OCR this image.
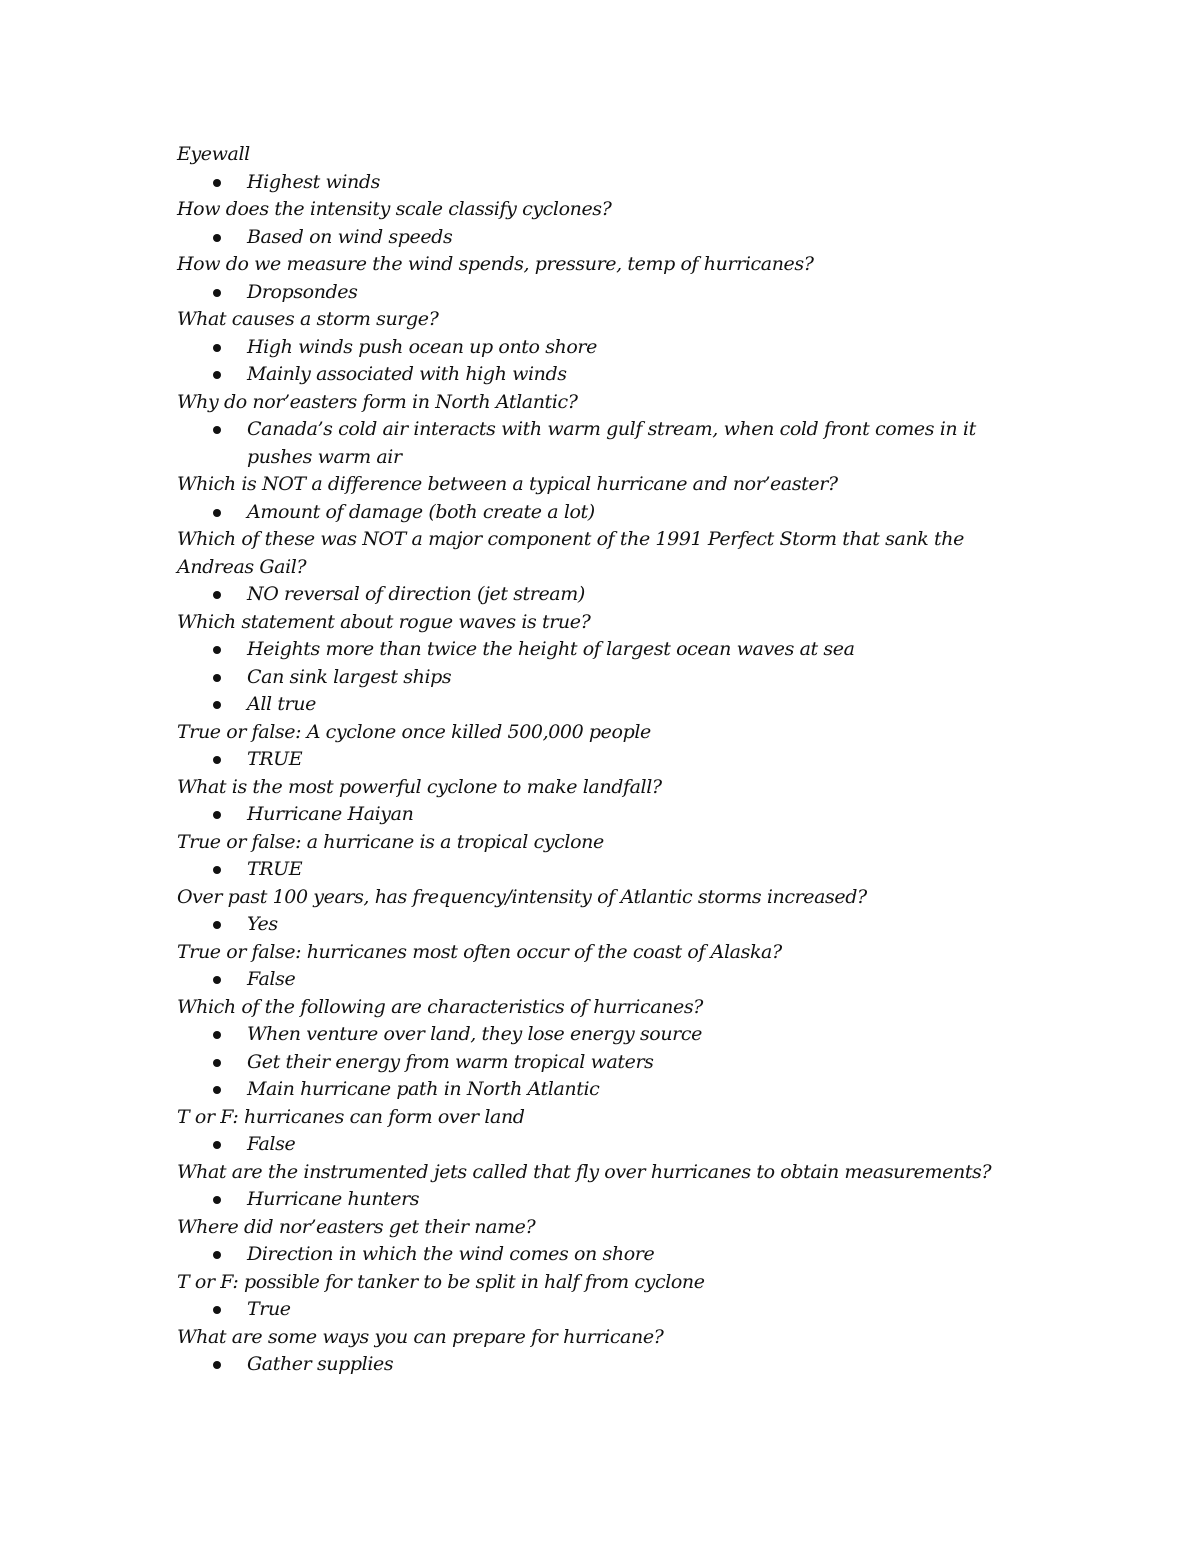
Eyewall

Highest winds

How does the intensity scale classify cyclones?

Based on wind speeds

How do we measure the wind spends, pressure, temp of hurricanes?

Dropsondes

What causes a storm surge?

High winds push ocean up onto shore
Mainly associated with high winds

Why do nor’easters form in North Atlantic?

Canada’s cold air interacts with warm gulf stream, when cold front comes in it pushes warm air

Which is NOT a difference between a typical hurricane and nor’easter?

Amount of damage (both create a lot)

Which of these was NOT a major component of the 1991 Perfect Storm that sank the Andreas Gail?

NO reversal of direction (jet stream)

Which statement about rogue waves is true?

Heights more than twice the height of largest ocean waves at sea
Can sink largest ships
All true

True or false: A cyclone once killed 500,000 people

TRUE

What is the most powerful cyclone to make landfall?

Hurricane Haiyan

True or false: a hurricane is a tropical cyclone

TRUE

Over past 100 years, has frequency/intensity of Atlantic storms increased?

Yes

True or false: hurricanes most often occur of the coast of Alaska?

False

Which of the following are characteristics of hurricanes?

When venture over land, they lose energy source
Get their energy from warm tropical waters
Main hurricane path in North Atlantic

T or F: hurricanes can form over land

False

What are the instrumented jets called that fly over hurricanes to obtain measurements?

Hurricane hunters

Where did nor’easters get their name?

Direction in which the wind comes on shore

T or F: possible for tanker to be split in half from cyclone

True

What are some ways you can prepare for hurricane?

Gather supplies
